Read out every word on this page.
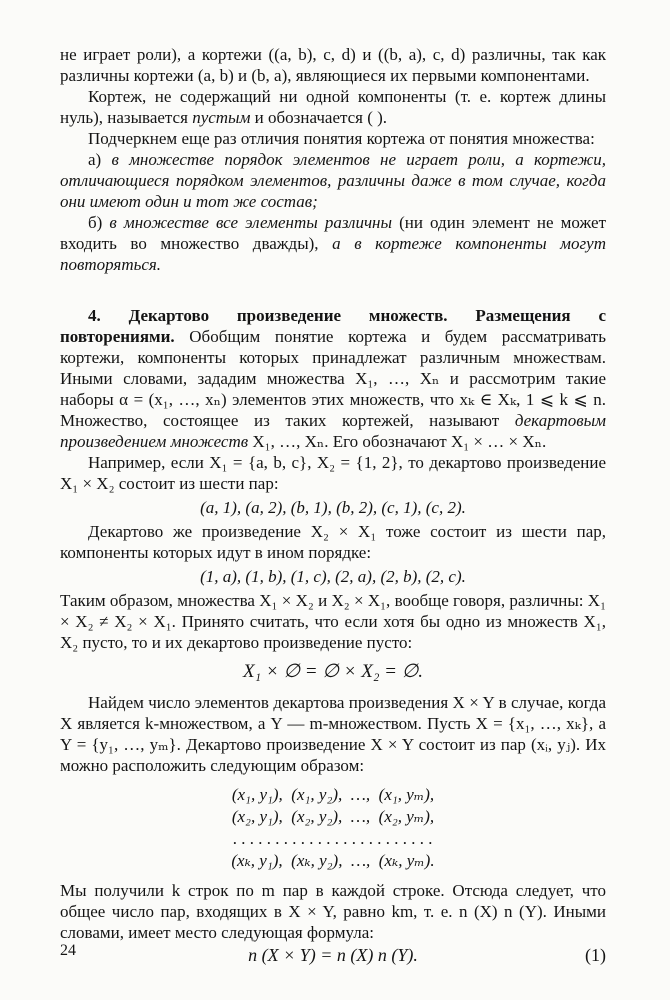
не играет роли), а кортежи ((a, b), c, d) и ((b, a), c, d) различны, так как различны кортежи (a, b) и (b, a), являющиеся их первыми компонентами.

Кортеж, не содержащий ни одной компоненты (т. е. кортеж длины нуль), называется пустым и обозначается ( ).

Подчеркнем еще раз отличия понятия кортежа от понятия множества:

а) в множестве порядок элементов не играет роли, а кортежи, отличающиеся порядком элементов, различны даже в том случае, когда они имеют один и тот же состав;

б) в множестве все элементы различны (ни один элемент не может входить во множество дважды), а в кортеже компоненты могут повторяться.

4. Декартово произведение множеств. Размещения с повторениями. Обобщим понятие кортежа и будем рассматривать кортежи, компоненты которых принадлежат различным множествам. Иными словами, зададим множества X₁, …, Xₙ и рассмотрим такие наборы α = (x₁, …, xₙ) элементов этих множеств, что xₖ ∈ Xₖ, 1 ⩽ k ⩽ n. Множество, состоящее из таких кортежей, называют декартовым произведением множеств X₁, …, Xₙ. Его обозначают X₁ × … × Xₙ.

Например, если X₁ = {a, b, c}, X₂ = {1, 2}, то декартово произведение X₁ × X₂ состоит из шести пар:

(a, 1), (a, 2), (b, 1), (b, 2), (c, 1), (c, 2).

Декартово же произведение X₂ × X₁ тоже состоит из шести пар, компоненты которых идут в ином порядке:

(1, a), (1, b), (1, c), (2, a), (2, b), (2, c).

Таким образом, множества X₁ × X₂ и X₂ × X₁, вообще говоря, различны: X₁ × X₂ ≠ X₂ × X₁. Принято считать, что если хотя бы одно из множеств X₁, X₂ пусто, то и их декартово произведение пусто:

X₁ × ∅ = ∅ × X₂ = ∅.

Найдем число элементов декартова произведения X × Y в случае, когда X является k-множеством, а Y — m-множеством. Пусть X = {x₁, …, xₖ}, а Y = {y₁, …, yₘ}. Декартово произведение X × Y состоит из пар (xᵢ, yⱼ). Их можно расположить следующим образом:

(x₁, y₁),  (x₁, y₂),  …,  (x₁, yₘ),
(x₂, y₁),  (x₂, y₂),  …,  (x₂, yₘ),
. . . . . . . . . . . . . . . . . . . . . . . .
(xₖ, y₁),  (xₖ, y₂),  …,  (xₖ, yₘ).

Мы получили k строк по m пар в каждой строке. Отсюда следует, что общее число пар, входящих в X × Y, равно km, т. е. n (X) n (Y). Иными словами, имеет место следующая формула:

n (X × Y) = n (X) n (Y).	(1)
24
